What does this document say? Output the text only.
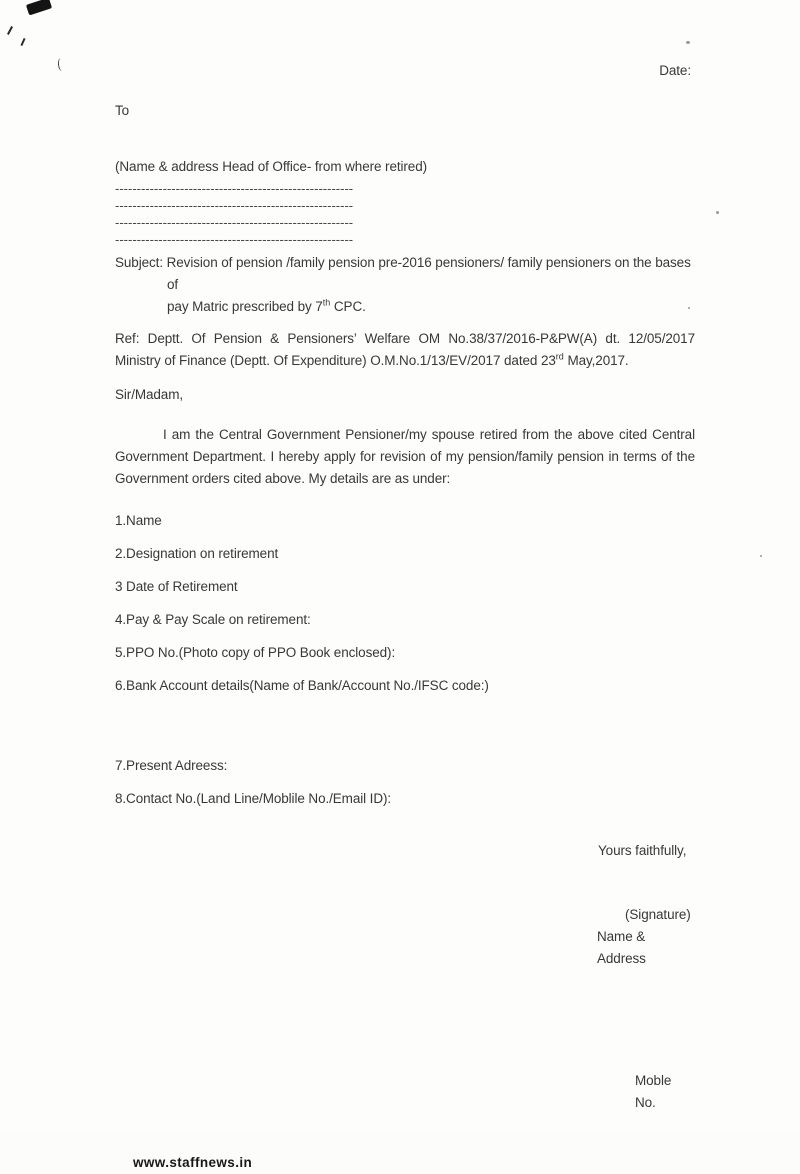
Date:
To
(Name & address Head of Office- from where retired)
-------------------------------------------------------
-------------------------------------------------------
-------------------------------------------------------
-------------------------------------------------------
Subject: Revision of pension /family pension pre-2016 pensioners/ family pensioners on the bases of
pay Matric prescribed by 7th CPC.
Ref: Deptt. Of Pension & Pensioners’ Welfare OM No.38/37/2016-P&PW(A) dt. 12/05/2017 Ministry of Finance (Deptt. Of Expenditure) O.M.No.1/13/EV/2017 dated 23rd May,2017.
Sir/Madam,
I am the Central Government Pensioner/my spouse retired from the above cited Central Government Department. I hereby apply for revision of my pension/family pension in terms of the Government orders cited above. My details are as under:
1.Name
2.Designation on retirement
3 Date of Retirement
4.Pay & Pay Scale on retirement:
5.PPO No.(Photo copy of PPO Book enclosed):
6.Bank Account details(Name of Bank/Account No./IFSC code:)
7.Present Adreess:
8.Contact No.(Land Line/Moblile No./Email ID):
Yours faithfully,
(Signature)
Name & Address
Moble No.
www.staffnews.in
